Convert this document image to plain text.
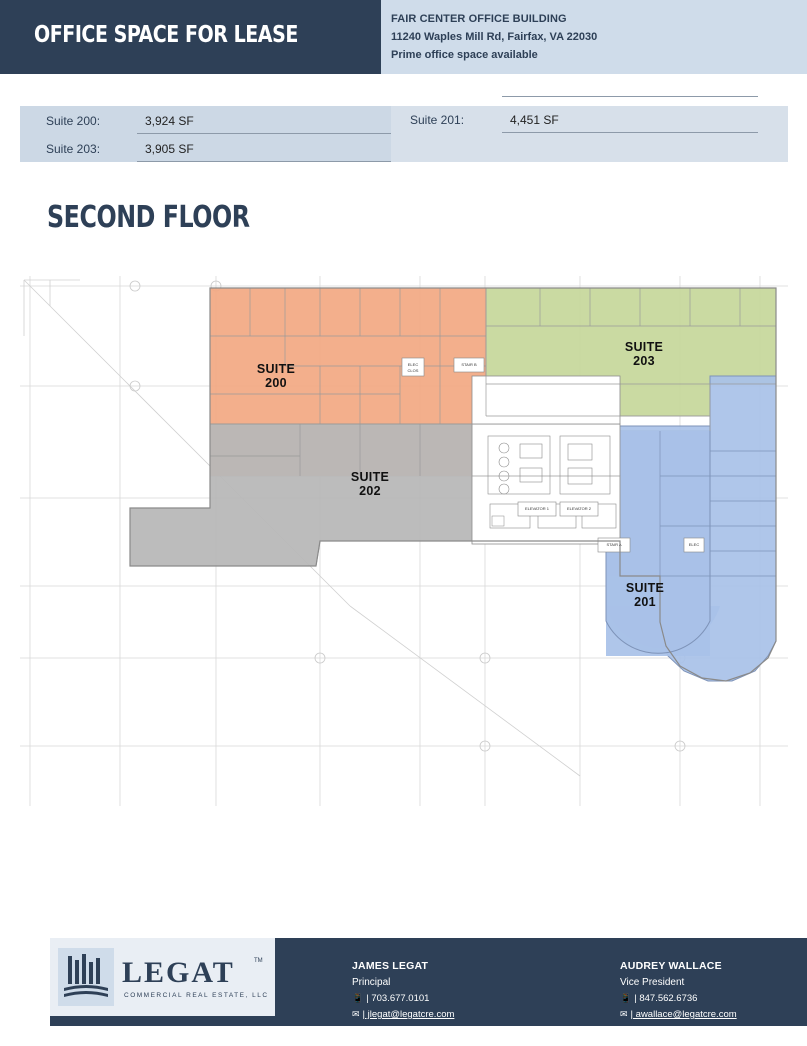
OFFICE SPACE FOR LEASE
FAIR CENTER OFFICE BUILDING
11240 Waples Mill Rd, Fairfax, VA 22030
Prime office space available
Suite 200:	3,924 SF	Suite 201:	4,451 SF
Suite 203:	3,905 SF
SECOND FLOOR
ELEC
CLOS
STAIR B
ELEVATOR 1	ELEVATOR 2
STAIR A	ELEC
SUITE
200
SUITE
203
SUITE
202
SUITE
201
LEGAT
COMMERCIAL REAL ESTATE, LLC
TM	JAMES LEGAT
Principal
📱 | 703.677.0101
✉ | jlegat@legatcre.com
AUDREY WALLACE
Vice President
📱 | 847.562.6736
✉ | awallace@legatcre.com
